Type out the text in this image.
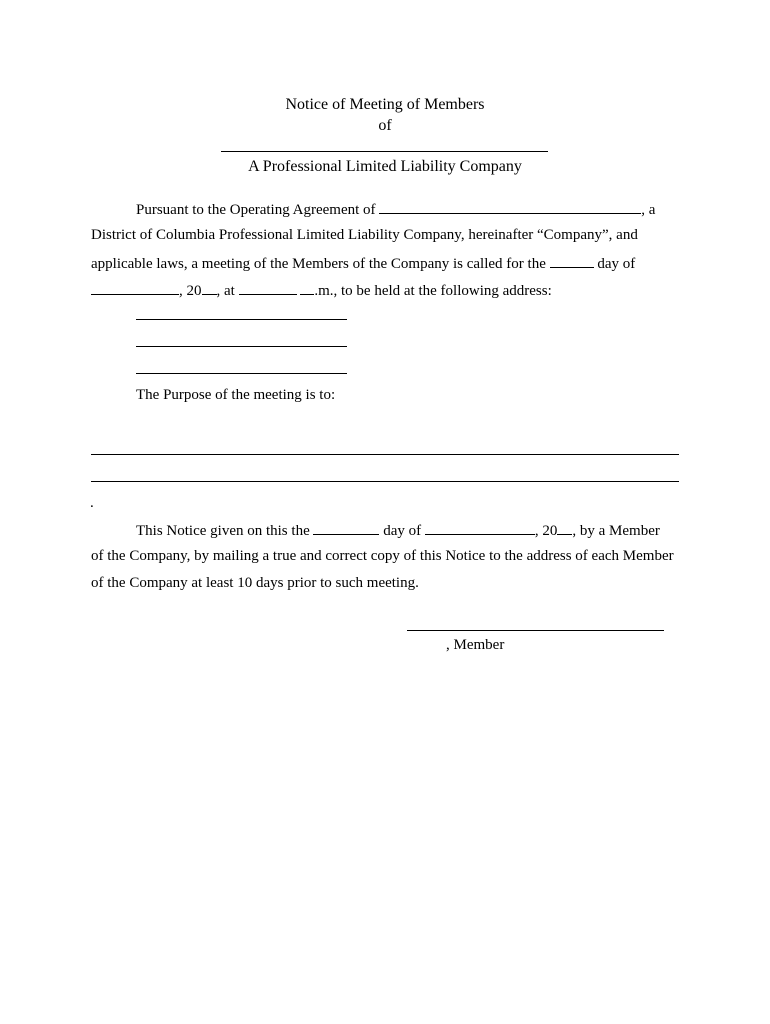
Notice of Meeting of Members
of
A Professional Limited Liability Company
Pursuant to the Operating Agreement of	, a
District of Columbia Professional Limited Liability Company, hereinafter “Company”, and
applicable laws, a meeting of the Members of the Company is called for the	day of
, 20 , at	.m., to be held at the following address:
The Purpose of the meeting is to:
.
This Notice given on this the	day of	, 20 , by a Member
of the Company, by mailing a true and correct copy of this Notice to the address of each Member
of the Company at least 10 days prior to such meeting.
, Member
